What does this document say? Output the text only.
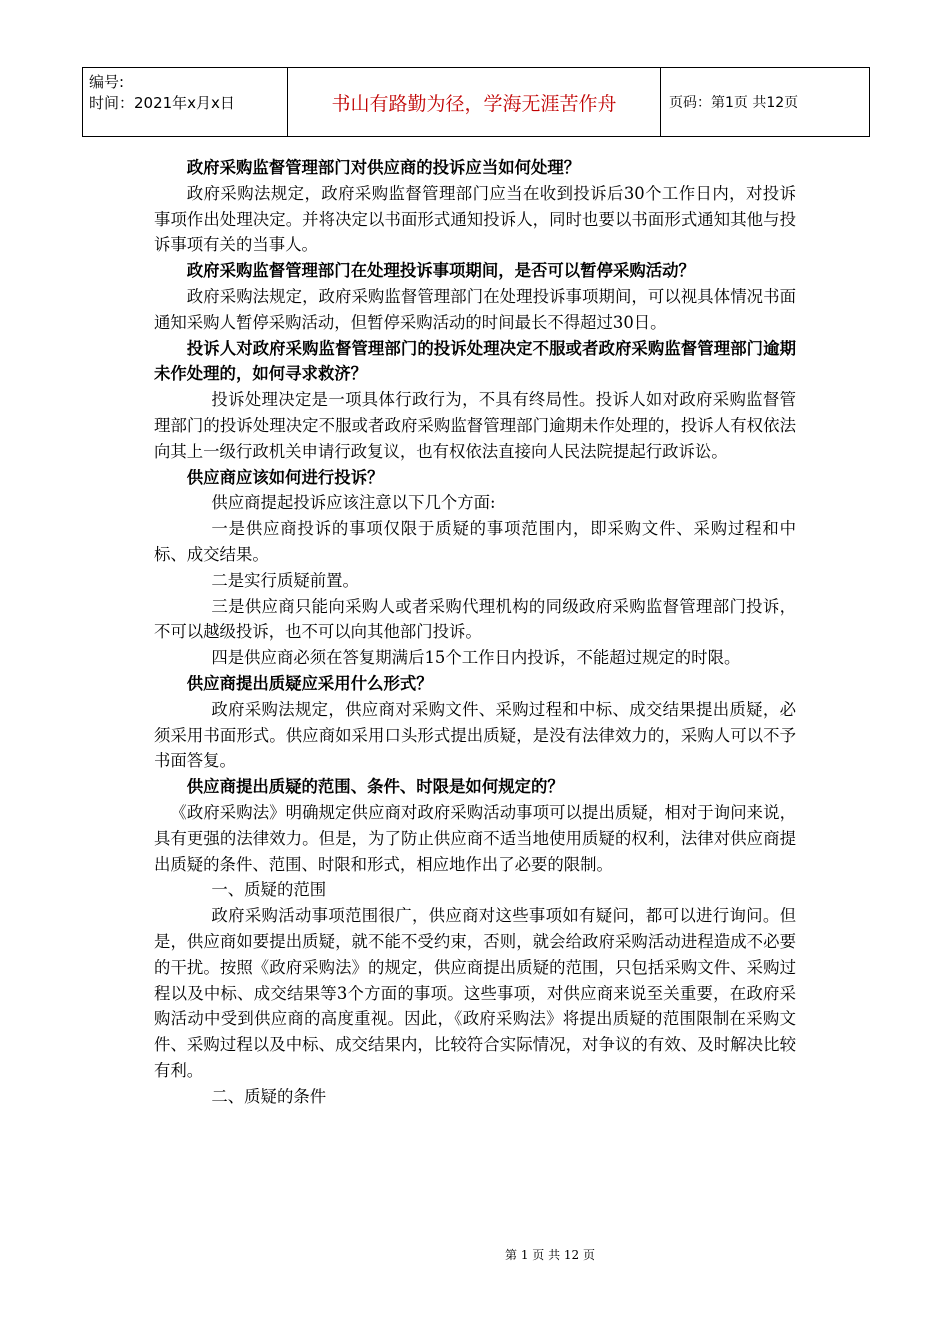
编号:
时间：2021年x月x日	书山有路勤为径，学海无涯苦作舟	页码：第1页 共12页

政府采购监督管理部门对供应商的投诉应当如何处理？

政府采购法规定，政府采购监督管理部门应当在收到投诉后30个工作日内，对投诉事项作出处理决定。并将决定以书面形式通知投诉人，同时也要以书面形式通知其他与投诉事项有关的当事人。

政府采购监督管理部门在处理投诉事项期间，是否可以暂停采购活动？

政府采购法规定，政府采购监督管理部门在处理投诉事项期间，可以视具体情况书面通知采购人暂停采购活动，但暂停采购活动的时间最长不得超过30日。

投诉人对政府采购监督管理部门的投诉处理决定不服或者政府采购监督管理部门逾期未作处理的，如何寻求救济？

投诉处理决定是一项具体行政行为，不具有终局性。投诉人如对政府采购监督管理部门的投诉处理决定不服或者政府采购监督管理部门逾期未作处理的，投诉人有权依法向其上一级行政机关申请行政复议，也有权依法直接向人民法院提起行政诉讼。

供应商应该如何进行投诉？

供应商提起投诉应该注意以下几个方面:

一是供应商投诉的事项仅限于质疑的事项范围内，即采购文件、采购过程和中标、成交结果。

二是实行质疑前置。

三是供应商只能向采购人或者采购代理机构的同级政府采购监督管理部门投诉，不可以越级投诉，也不可以向其他部门投诉。

四是供应商必须在答复期满后15个工作日内投诉，不能超过规定的时限。

供应商提出质疑应采用什么形式？

政府采购法规定，供应商对采购文件、采购过程和中标、成交结果提出质疑，必须采用书面形式。供应商如采用口头形式提出质疑，是没有法律效力的，采购人可以不予书面答复。

供应商提出质疑的范围、条件、时限是如何规定的？

《政府采购法》明确规定供应商对政府采购活动事项可以提出质疑，相对于询问来说，具有更强的法律效力。但是，为了防止供应商不适当地使用质疑的权利，法律对供应商提出质疑的条件、范围、时限和形式，相应地作出了必要的限制。

一、质疑的范围

政府采购活动事项范围很广，供应商对这些事项如有疑问，都可以进行询问。但是，供应商如要提出质疑，就不能不受约束，否则，就会给政府采购活动进程造成不必要的干扰。按照《政府采购法》的规定，供应商提出质疑的范围，只包括采购文件、采购过程以及中标、成交结果等3个方面的事项。这些事项，对供应商来说至关重要，在政府采购活动中受到供应商的高度重视。因此，《政府采购法》将提出质疑的范围限制在采购文件、采购过程以及中标、成交结果内，比较符合实际情况，对争议的有效、及时解决比较有利。

二、质疑的条件

第 1 页 共 12 页
